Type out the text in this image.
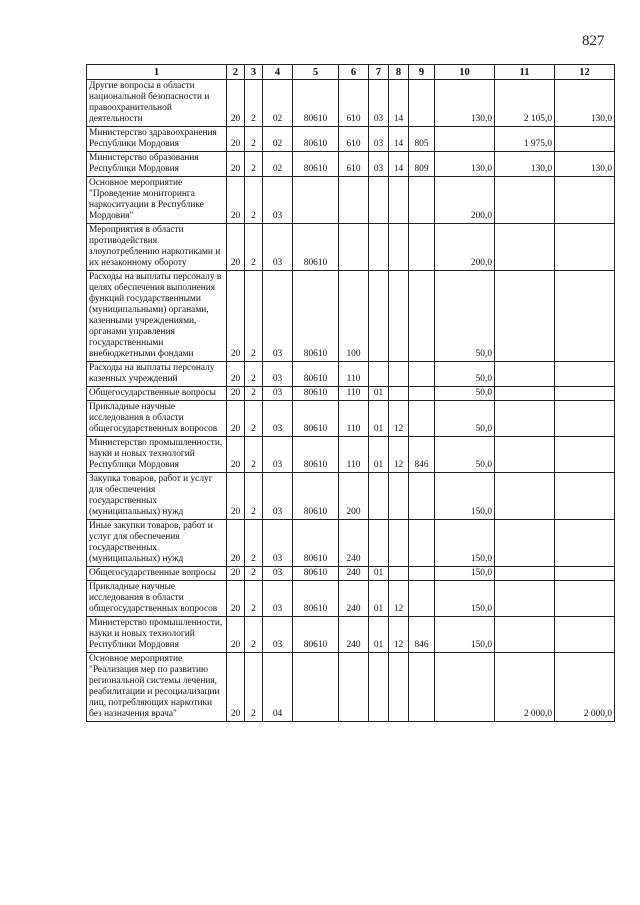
827
1	2	3	4	5	6	7	8	9	10	11	12
Другие вопросы в области национальной безопасности и правоохранительной деятельности	20	2	02	80610	610	03	14		130,0	2 105,0	130,0
Министерство здравоохранения Республики Мордовия	20	2	02	80610	610	03	14	805		1 975,0	
Министерство образования Республики Мордовия	20	2	02	80610	610	03	14	809	130,0	130,0	130,0
Основное мероприятие "Проведение мониторинга наркоситуации в Республике Мордовия"	20	2	03						200,0		
Мероприятия в области противодействия злоупотреблению наркотиками и их незаконному обороту	20	2	03	80610					200,0		
Расходы на выплаты персоналу в целях обеспечения выполнения функций государственными (муниципальными) органами, казенными учреждениями, органами управления государственными внебюджетными фондами	20	2	03	80610	100				50,0		
Расходы на выплаты персоналу казенных учреждений	20	2	03	80610	110				50,0		
Общегосударственные вопросы	20	2	03	80610	110	01			50,0		
Прикладные научные исследования в области общегосударственных вопросов	20	2	03	80610	110	01	12		50,0		
Министерство промышленности, науки и новых технологий Республики Мордовия	20	2	03	80610	110	01	12	846	50,0		
Закупка товаров, работ и услуг для обеспечения государственных (муниципальных) нужд	20	2	03	80610	200				150,0		
Иные закупки товаров, работ и услуг для обеспечения государственных (муниципальных) нужд	20	2	03	80610	240				150,0		
Общегосударственные вопросы	20	2	03	80610	240	01			150,0		
Прикладные научные исследования в области общегосударственных вопросов	20	2	03	80610	240	01	12		150,0		
Министерство промышленности, науки и новых технологий Республики Мордовия	20	2	03	80610	240	01	12	846	150,0		
Основное мероприятие "Реализация мер по развитию региональной системы лечения, реабилитации и ресоциализации лиц, потребляющих наркотики без назначения врача"	20	2	04							2 000,0	2 000,0
